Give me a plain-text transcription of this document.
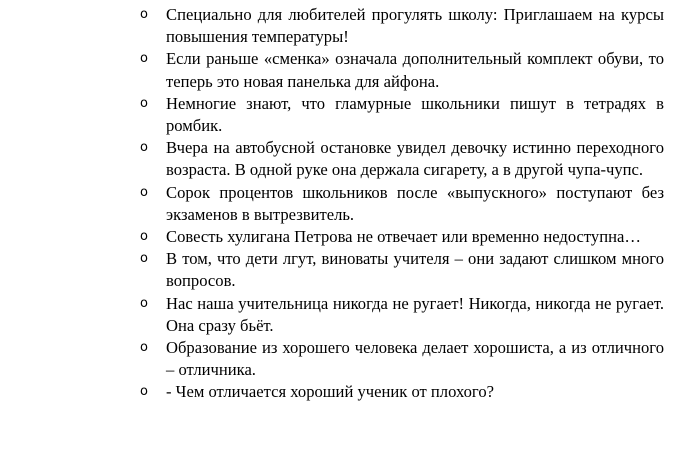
o	Специально для любителей прогулять школу: Приглашаем на курсы повышения температуры!
o	Если раньше «сменка» означала дополнительный комплект обуви, то теперь это новая панелька для айфона.
o	Немногие знают, что гламурные школьники пишут в тетрадях в ромбик.
o	Вчера на автобусной остановке увидел девочку истинно переходного возраста. В одной руке она держала сигарету, а в другой чупа-чупс.
o	Сорок процентов школьников после «выпускного» поступают без экзаменов в вытрезвитель.
o	Совесть хулигана Петрова не отвечает или временно недоступна…
o	В том, что дети лгут, виноваты учителя – они задают слишком много вопросов.
o	Нас наша учительница никогда не ругает! Никогда, никогда не ругает. Она сразу бьёт.
o	Образование из хорошего человека делает хорошиста, а из отличного – отличника.
o	- Чем отличается хороший ученик от плохого?
